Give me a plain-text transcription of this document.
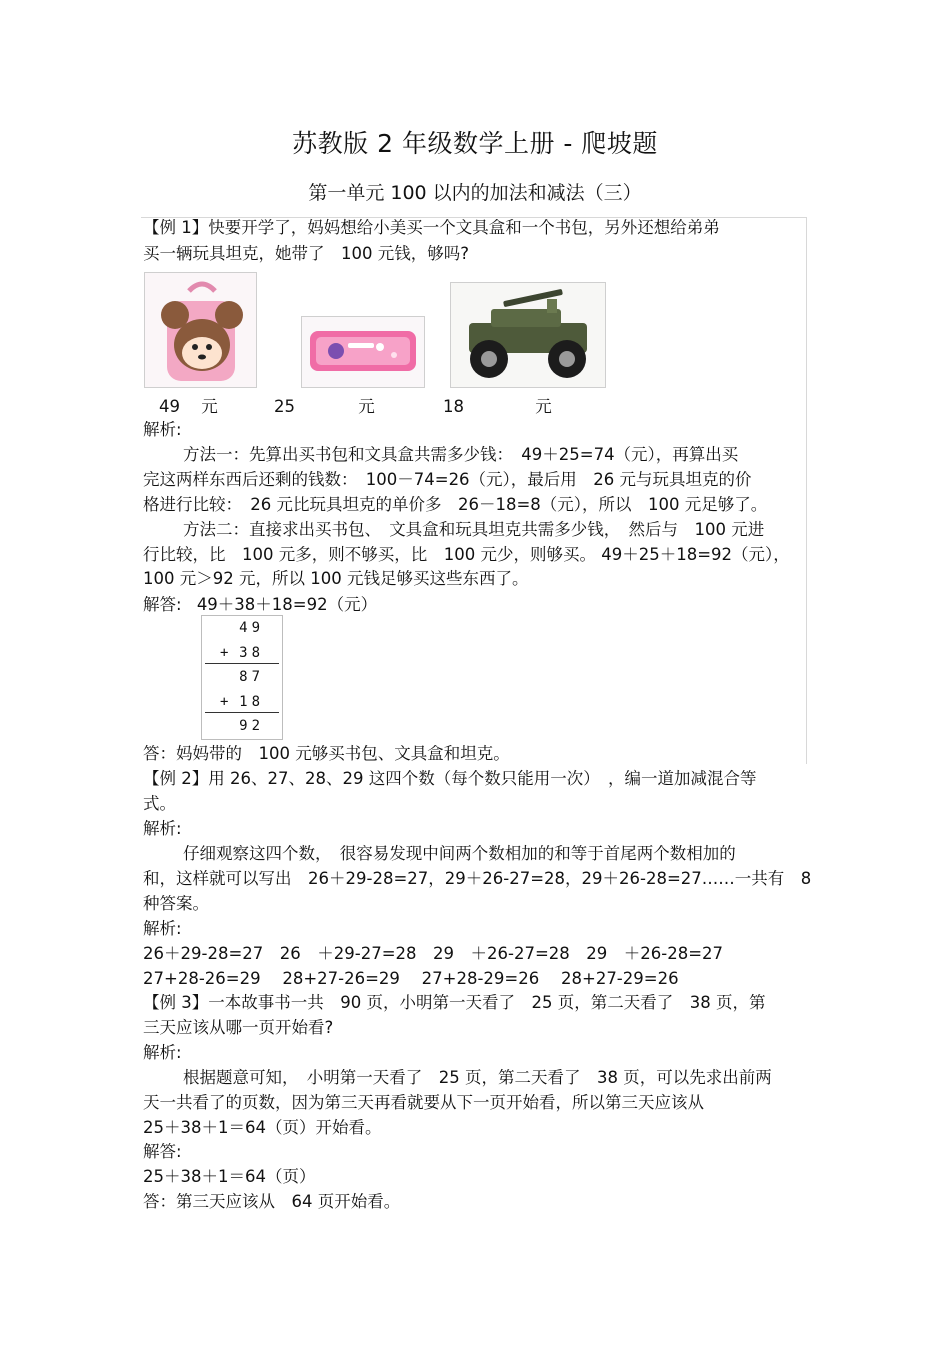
苏教版 2 年级数学上册 - 爬坡题
第一单元 100 以内的加法和减法（三）
【例 1】快要开学了，妈妈想给小美买一个文具盒和一个书包，另外还想给弟弟
买一辆玩具坦克，她带了　100 元钱，够吗?
49 元	25	元	18	元
解析:
方法一：先算出买书包和文具盒共需多少钱：　49＋25=74（元），再算出买
完这两样东西后还剩的钱数：　100－74=26（元），最后用　26 元与玩具坦克的价
格进行比较：　26 元比玩具坦克的单价多　26－18=8（元），所以　100 元足够了。
方法二：直接求出买书包、　文具盒和玩具坦克共需多少钱，　然后与　100 元进
行比较，比　100 元多，则不够买，比　100 元少，则够买。 49＋25＋18=92（元），
100 元＞92 元，所以 100 元钱足够买这些东西了。
解答: 49＋38＋18=92（元）
49
+ 38
87
+ 18
92
答：妈妈带的　100 元够买书包、文具盒和坦克。
【例 2】用 26、27、28、29 这四个数（每个数只能用一次）　，编一道加减混合等
式。
解析:
仔细观察这四个数，　很容易发现中间两个数相加的和等于首尾两个数相加的
和，这样就可以写出　26＋29-28=27，29＋26-27=28，29＋26-28=27……一共有　8
种答案。
解析:
26＋29-28=27　26　＋29-27=28　29　＋26-27=28　29　＋26-28=27
27+28-26=29　 28+27-26=29　 27+28-29=26　 28+27-29=26
【例 3】一本故事书一共　90 页，小明第一天看了　25 页，第二天看了　38 页，第
三天应该从哪一页开始看?
解析:
根据题意可知，　小明第一天看了　25 页，第二天看了　38 页，可以先求出前两
天一共看了的页数，因为第三天再看就要从下一页开始看，所以第三天应该从
25＋38＋1＝64（页）开始看。
解答:
25＋38＋1＝64（页）
答：第三天应该从　64 页开始看。
